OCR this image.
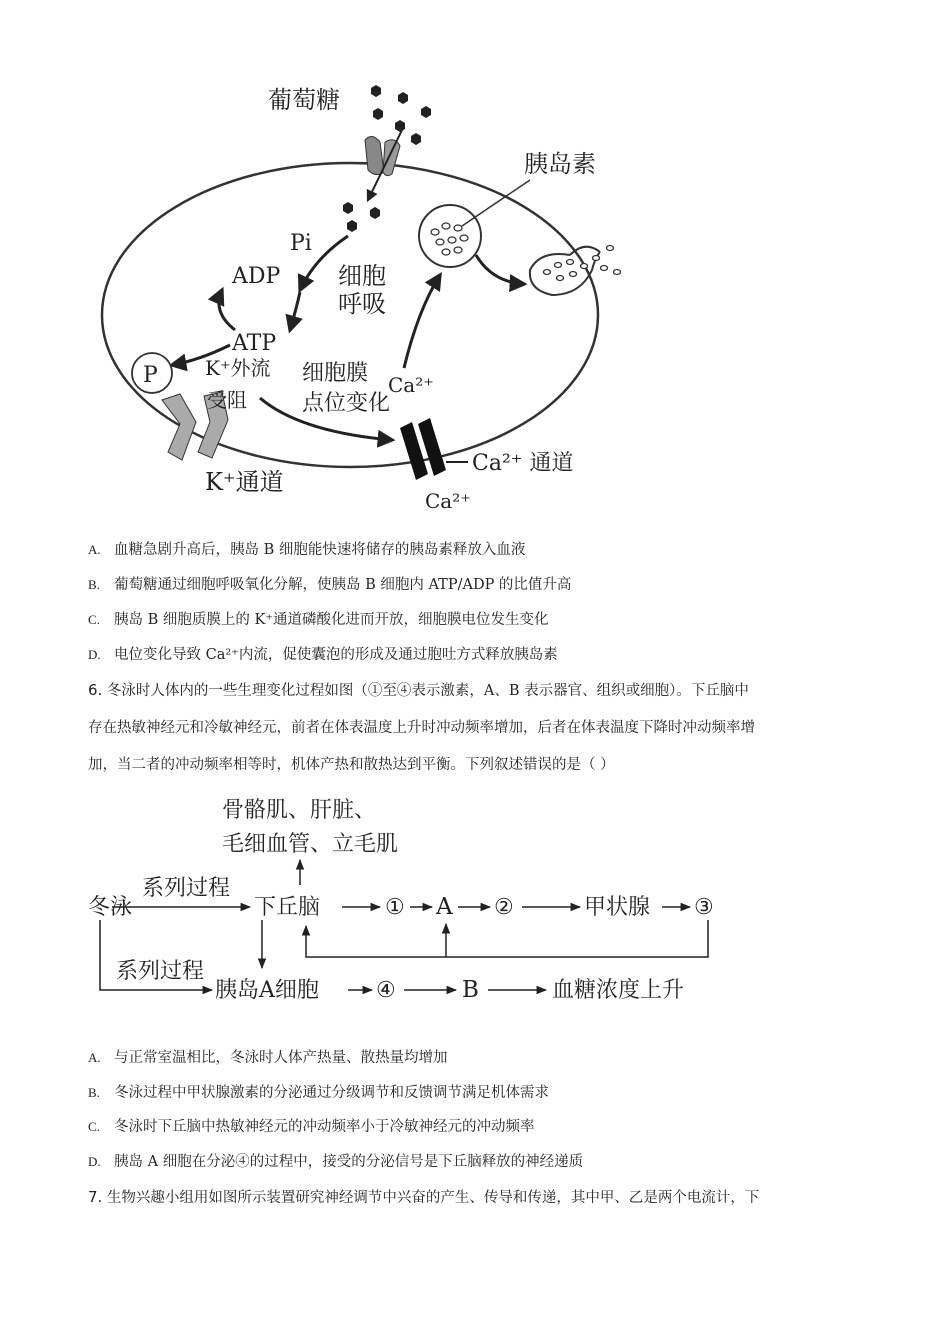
葡萄糖
Pi
ADP
ATP
细胞
呼吸
P K⁺外流
受阻
K⁺通道
细胞膜
点位变化
Ca²⁺ 通道
Ca²⁺
Ca²⁺
胰岛素
A. 血糖急剧升高后，胰岛 B 细胞能快速将储存的胰岛素释放入血液
B. 葡萄糖通过细胞呼吸氧化分解，使胰岛 B 细胞内 ATP/ADP 的比值升高
C. 胰岛 B 细胞质膜上的 K⁺通道磷酸化进而开放，细胞膜电位发生变化
D. 电位变化导致 Ca²⁺内流，促使囊泡的形成及通过胞吐方式释放胰岛素
6. 冬泳时人体内的一些生理变化过程如图（①至④表示激素，A、B 表示器官、组织或细胞）。下丘脑中
存在热敏神经元和冷敏神经元，前者在体表温度上升时冲动频率增加，后者在体表温度下降时冲动频率增
加，当二者的冲动频率相等时，机体产热和散热达到平衡。下列叙述错误的是（ ）
骨骼肌、肝脏、
毛细血管、立毛肌
冬泳
系列过程
下丘脑	① A ②	甲状腺 ③
系列过程
胰岛A细胞	④	B	血糖浓度上升
A. 与正常室温相比，冬泳时人体产热量、散热量均增加
B. 冬泳过程中甲状腺激素的分泌通过分级调节和反馈调节满足机体需求
C. 冬泳时下丘脑中热敏神经元的冲动频率小于冷敏神经元的冲动频率
D. 胰岛 A 细胞在分泌④的过程中，接受的分泌信号是下丘脑释放的神经递质
7. 生物兴趣小组用如图所示装置研究神经调节中兴奋的产生、传导和传递，其中甲、乙是两个电流计，下
